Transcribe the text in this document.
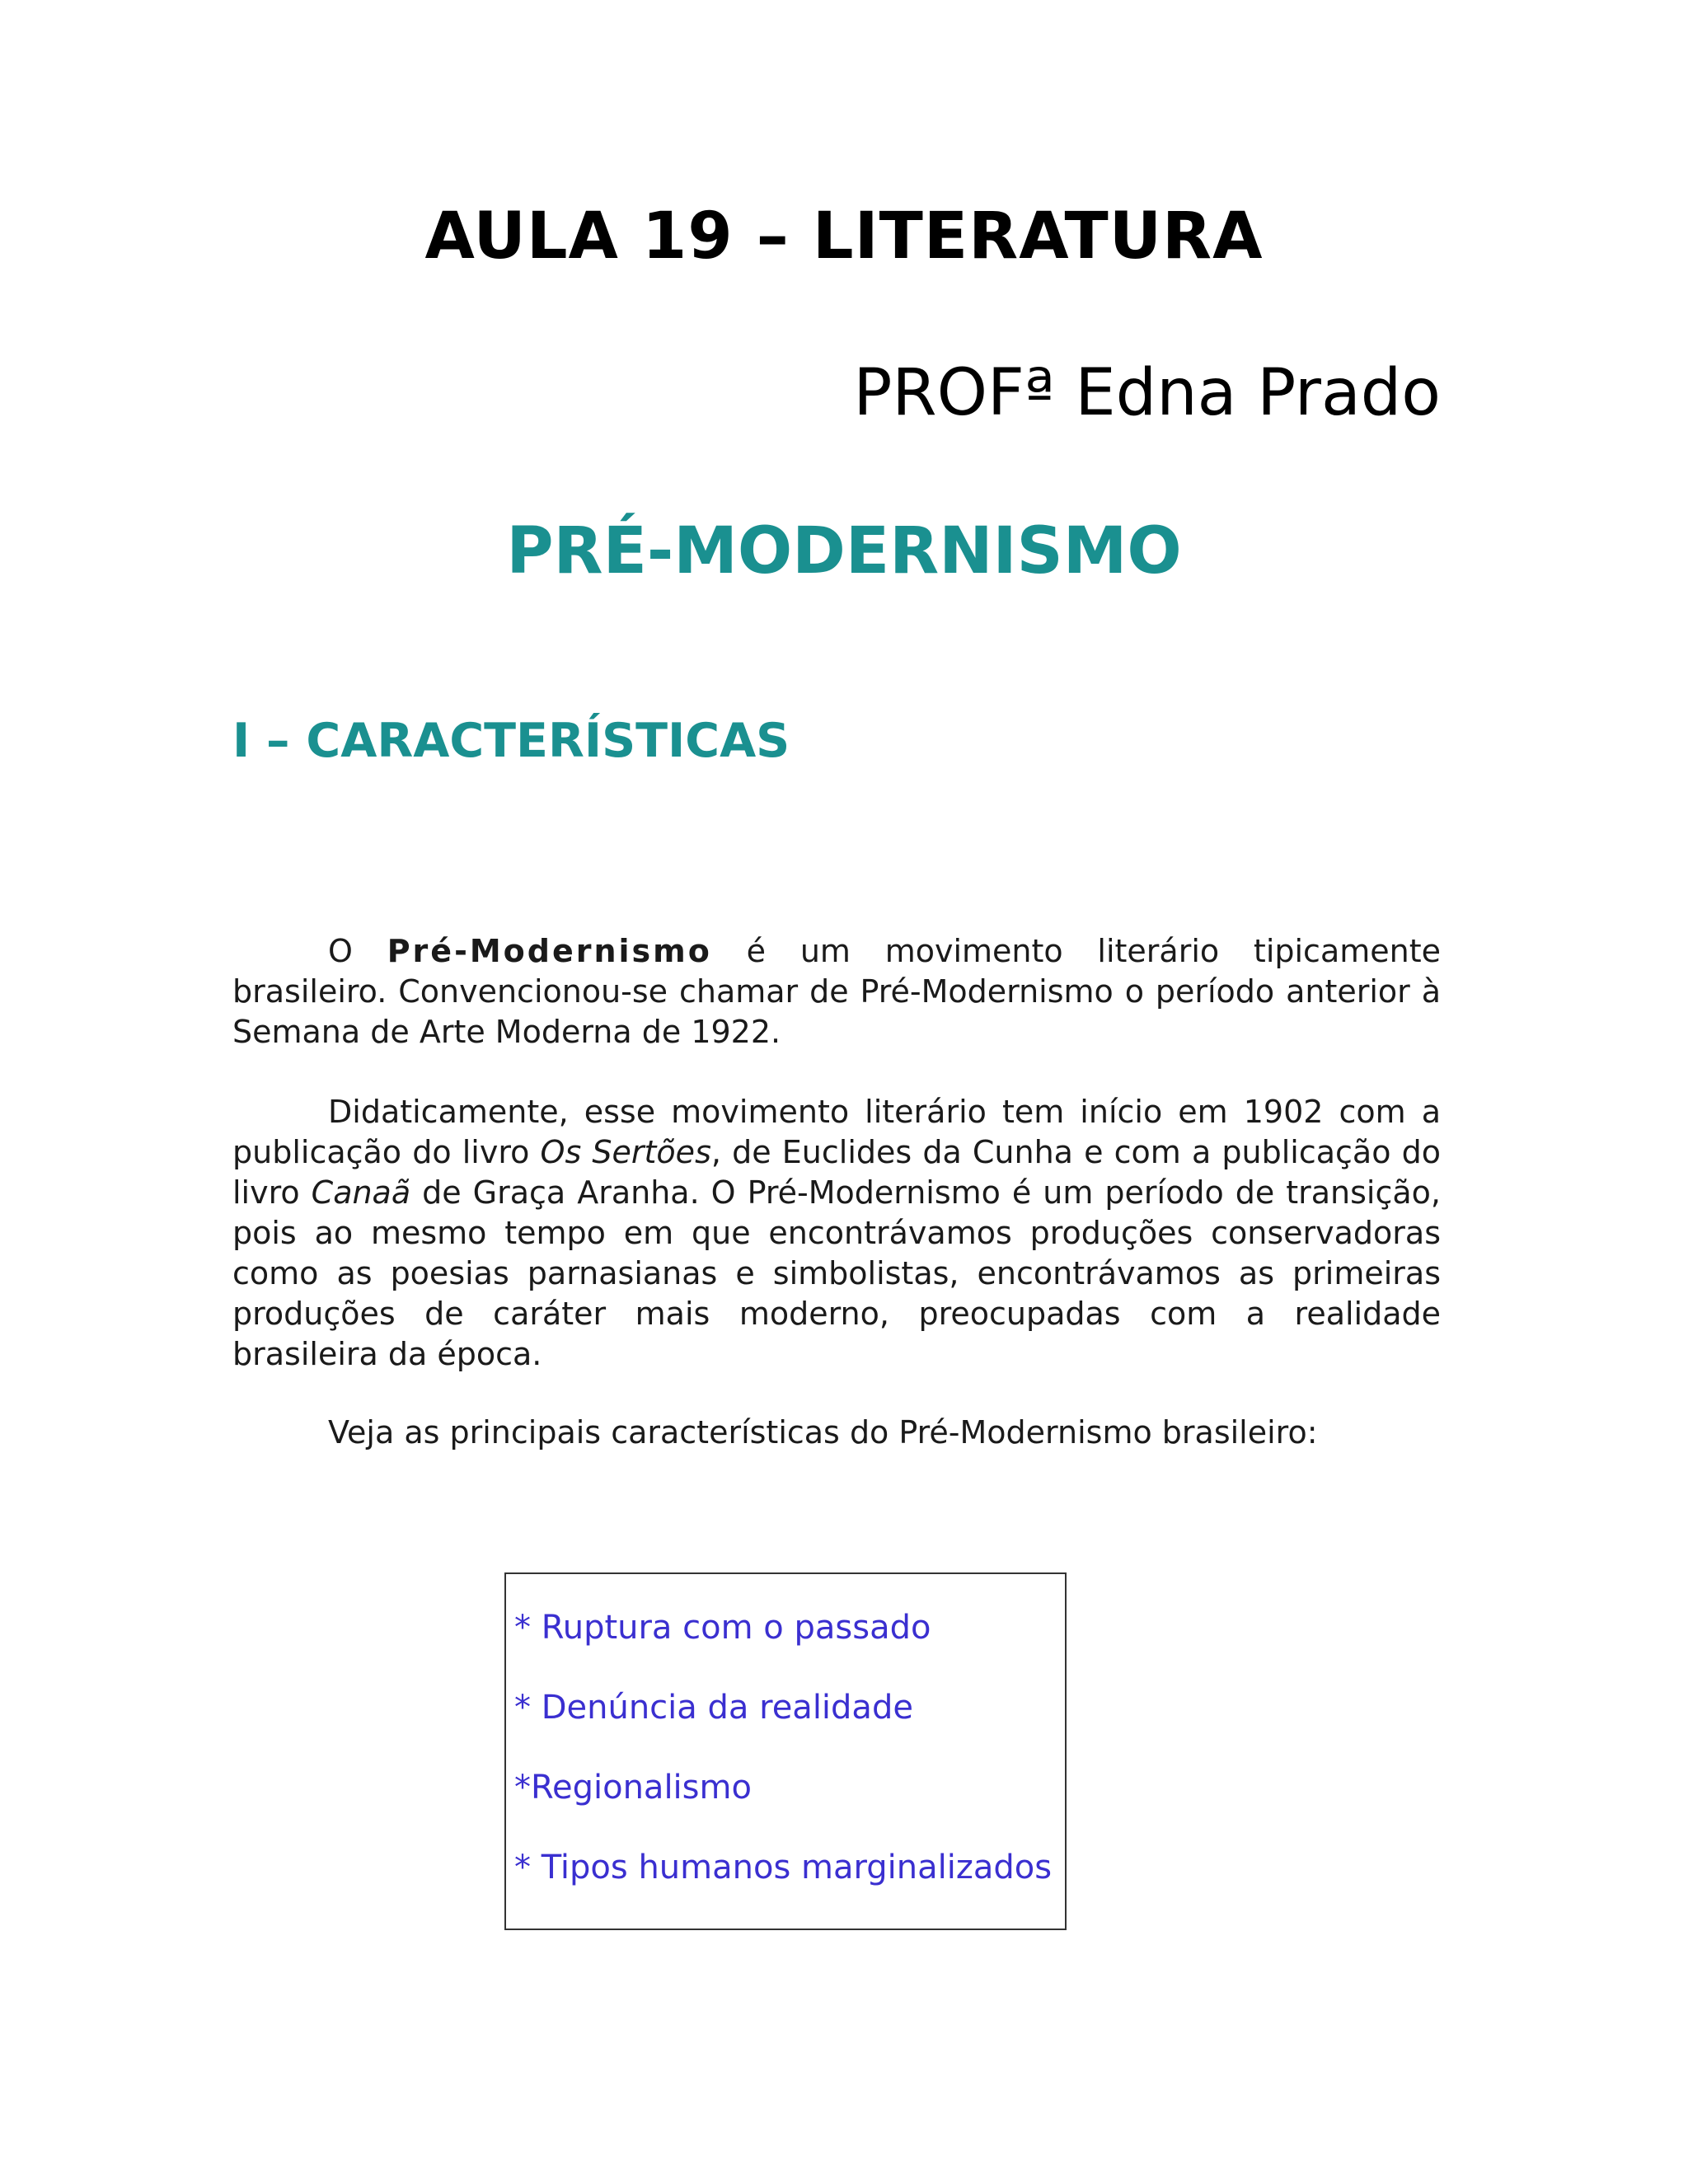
AULA 19 – LITERATURA

PROFª Edna Prado

PRÉ-MODERNISMO
I – CARACTERÍSTICAS

O Pré-Modernismo é um movimento literário tipicamente brasileiro. Convencionou-se chamar de Pré-Modernismo o período anterior à Semana de Arte Moderna de 1922.

Didaticamente, esse movimento literário tem início em 1902 com a publicação do livro Os Sertões, de Euclides da Cunha e com a publicação do livro Canaã de Graça Aranha. O Pré-Modernismo é um período de transição, pois ao mesmo tempo em que encontrávamos produções conservadoras como as poesias parnasianas e simbolistas, encontrávamos as primeiras produções de caráter mais moderno, preocupadas com a realidade brasileira da época.

Veja as principais características do Pré-Modernismo brasileiro:

* Ruptura com o passado

* Denúncia da realidade

*Regionalismo

* Tipos humanos marginalizados
